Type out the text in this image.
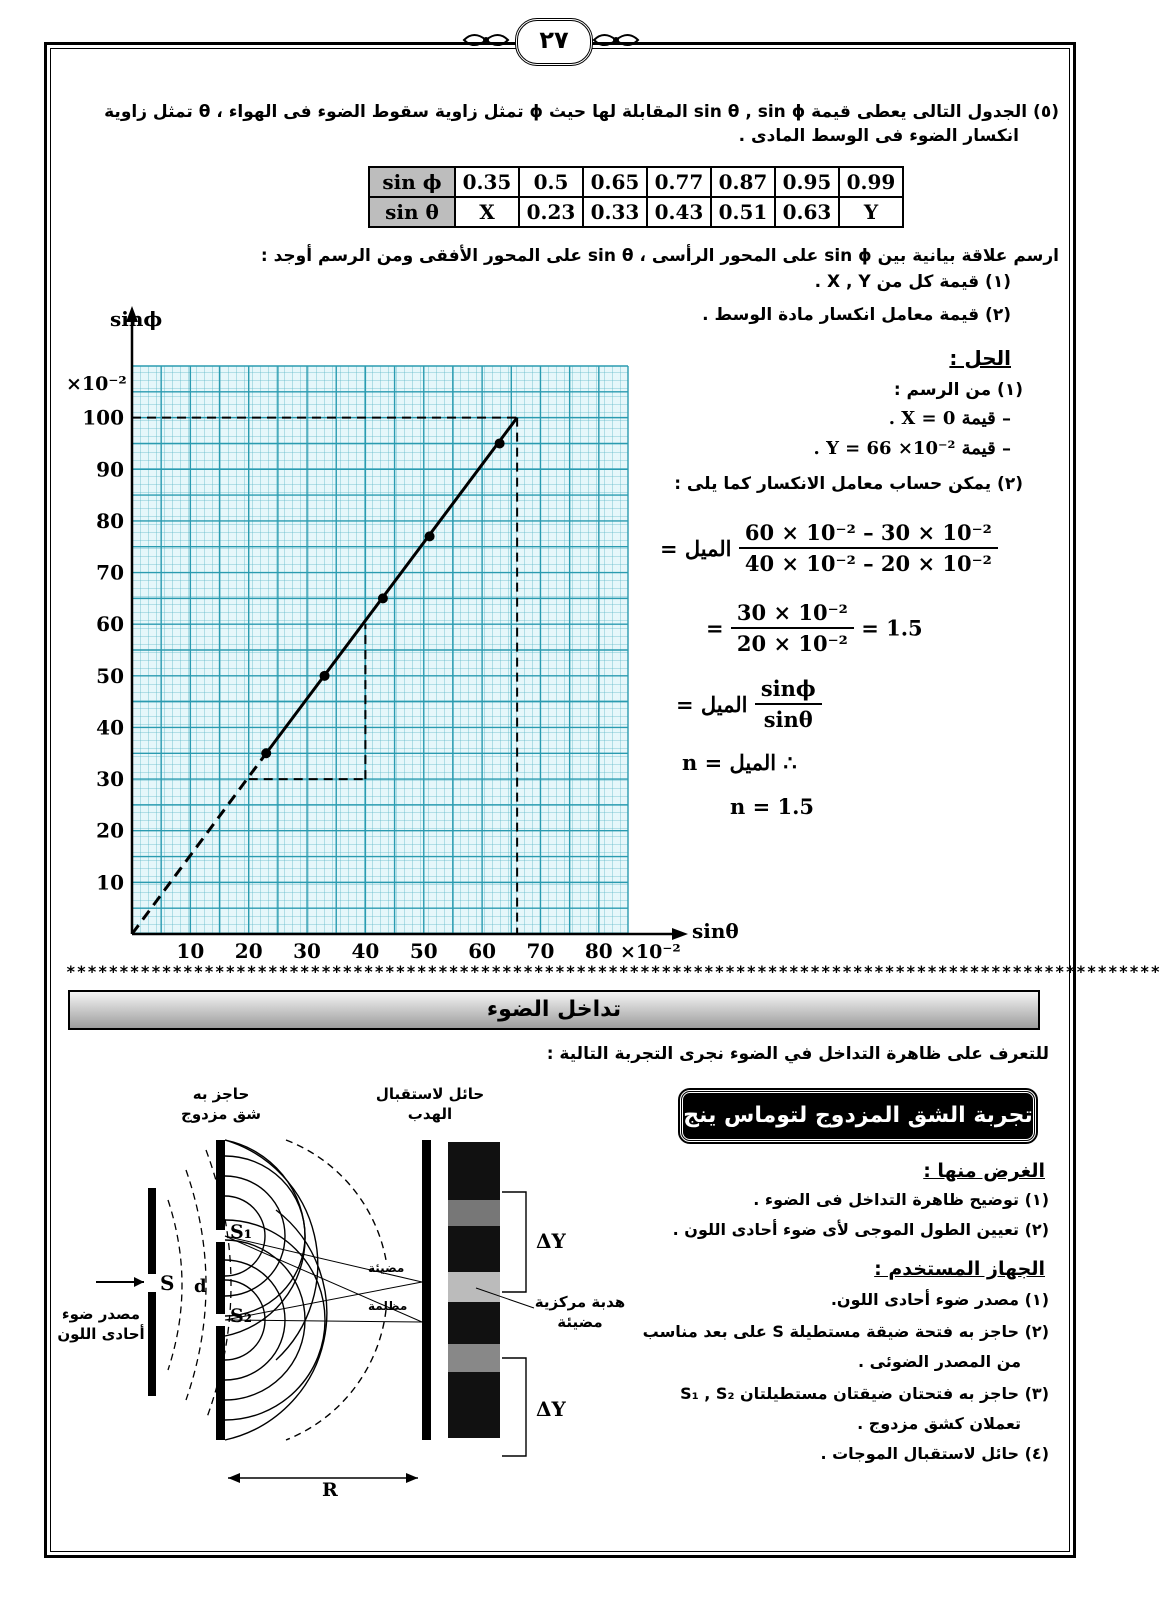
٢٧
(٥) الجدول التالى يعطى قيمة sin θ , sin ϕ المقابلة لها حيث ϕ تمثل زاوية سقوط الضوء فى الهواء ، θ تمثل زاوية
انكسار الضوء فى الوسط المادى .
sin ϕ	0.35	0.5	0.65	0.77	0.87	0.95	0.99
sin θ	X	0.23	0.33	0.43	0.51	0.63	Y
ارسم علاقة بيانية بين sin ϕ على المحور الرأسى ، sin θ على المحور الأفقى ومن الرسم أوجد :
(١) قيمة كل من X , Y .
(٢) قيمة معامل انكسار مادة الوسط .
10
20
30
40
50
60
70
80
90
100
10 20 30 40 50 60 70 80
sinϕ
×10⁻²
sinθ
×10⁻²
الحل :
(١) من الرسم :
– قيمة X = 0 .
– قيمة Y = 66 ×10⁻² .
(٢) يمكن حساب معامل الانكسار كما يلى :
الميل = $\frac{\text{60 × 10⁻² – 30 × 10⁻²}}{\text{40 × 10⁻² – 20 × 10⁻²}}$
= $\frac{\text{30 × 10⁻²}}{\text{20 × 10⁻²}} = 1.5$
الميل = $\frac{\sin\phi}{\sin\theta}$
∴ الميل = n
n = 1.5
*******************************************************************************************************
تداخل الضوء
للتعرف على ظاهرة التداخل في الضوء نجرى التجربة التالية :
تجربة الشق المزدوج لتوماس ينج
الغرض منها :
(١) توضيح ظاهرة التداخل فى الضوء .
(٢) تعيين الطول الموجى لأى ضوء أحادى اللون .
الجهاز المستخدم :
(١) مصدر ضوء أحادى اللون.
(٢) حاجز به فتحة ضيقة مستطيلة S على بعد مناسب
من المصدر الضوئى .
(٣) حاجز به فتحتان ضيقتان مستطيلتان S₁ , S₂
تعملان كشق مزدوج .
(٤) حائل لاستقبال الموجات .
S d
S₁
S₂
R
ΔY
ΔY
مضيئة
مظلمة
حاجز به
شق مزدوج
حائل لاستقبال
الهدب
مصدر ضوء
أحادى اللون
هدبة مركزية
مضيئة
